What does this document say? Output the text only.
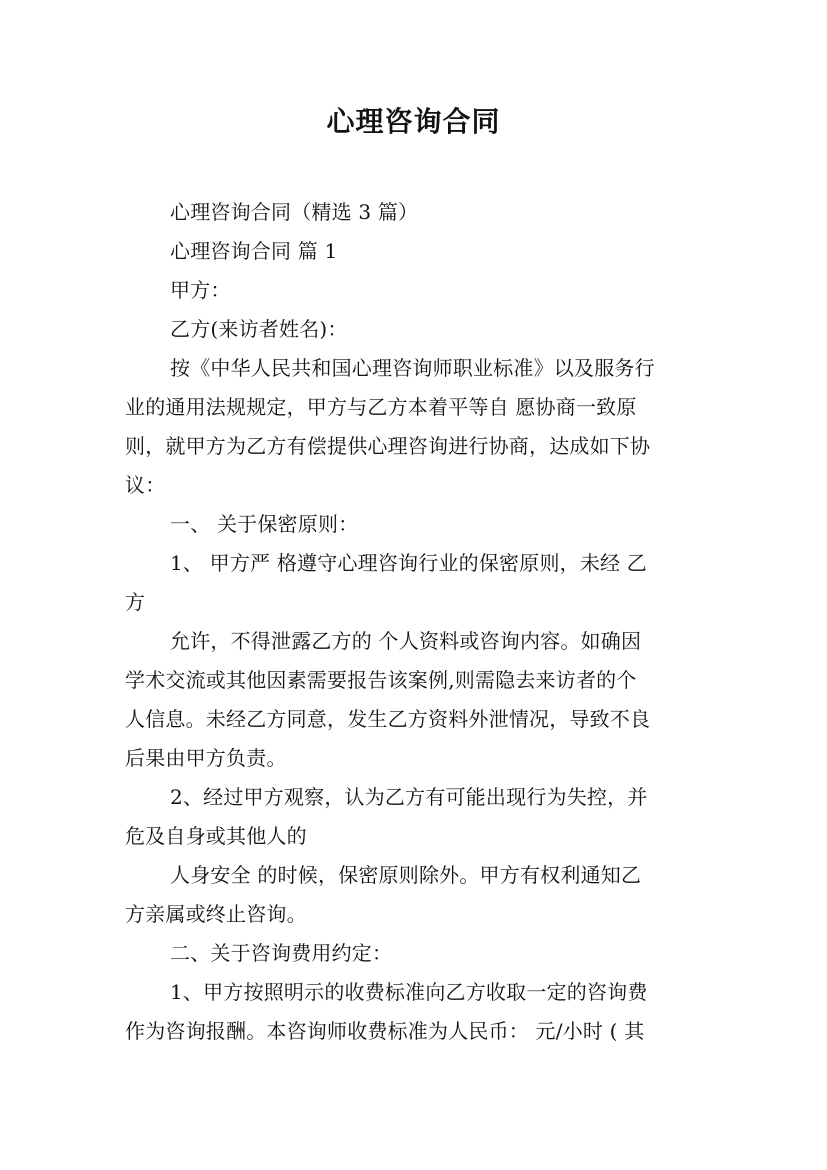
心理咨询合同
心理咨询合同（精选 3 篇）
心理咨询合同 篇 1
甲方：
乙方(来访者姓名)：
按《中华人民共和国心理咨询师职业标准》以及服务行
业的通用法规规定，甲方与乙方本着平等自 愿协商一致原
则，就甲方为乙方有偿提供心理咨询进行协商，达成如下协
议：
一、 关于保密原则：
1、 甲方严 格遵守心理咨询行业的保密原则，未经 乙
方
允许，不得泄露乙方的 个人资料或咨询内容。如确因
学术交流或其他因素需要报告该案例,则需隐去来访者的个
人信息。未经乙方同意，发生乙方资料外泄情况，导致不良
后果由甲方负责。
2、经过甲方观察，认为乙方有可能出现行为失控，并
危及自身或其他人的
人身安全 的时候，保密原则除外。甲方有权利通知乙
方亲属或终止咨询。
二、关于咨询费用约定：
1、甲方按照明示的收费标准向乙方收取一定的咨询费
作为咨询报酬。本咨询师收费标准为人民币： 元/小时 ( 其
